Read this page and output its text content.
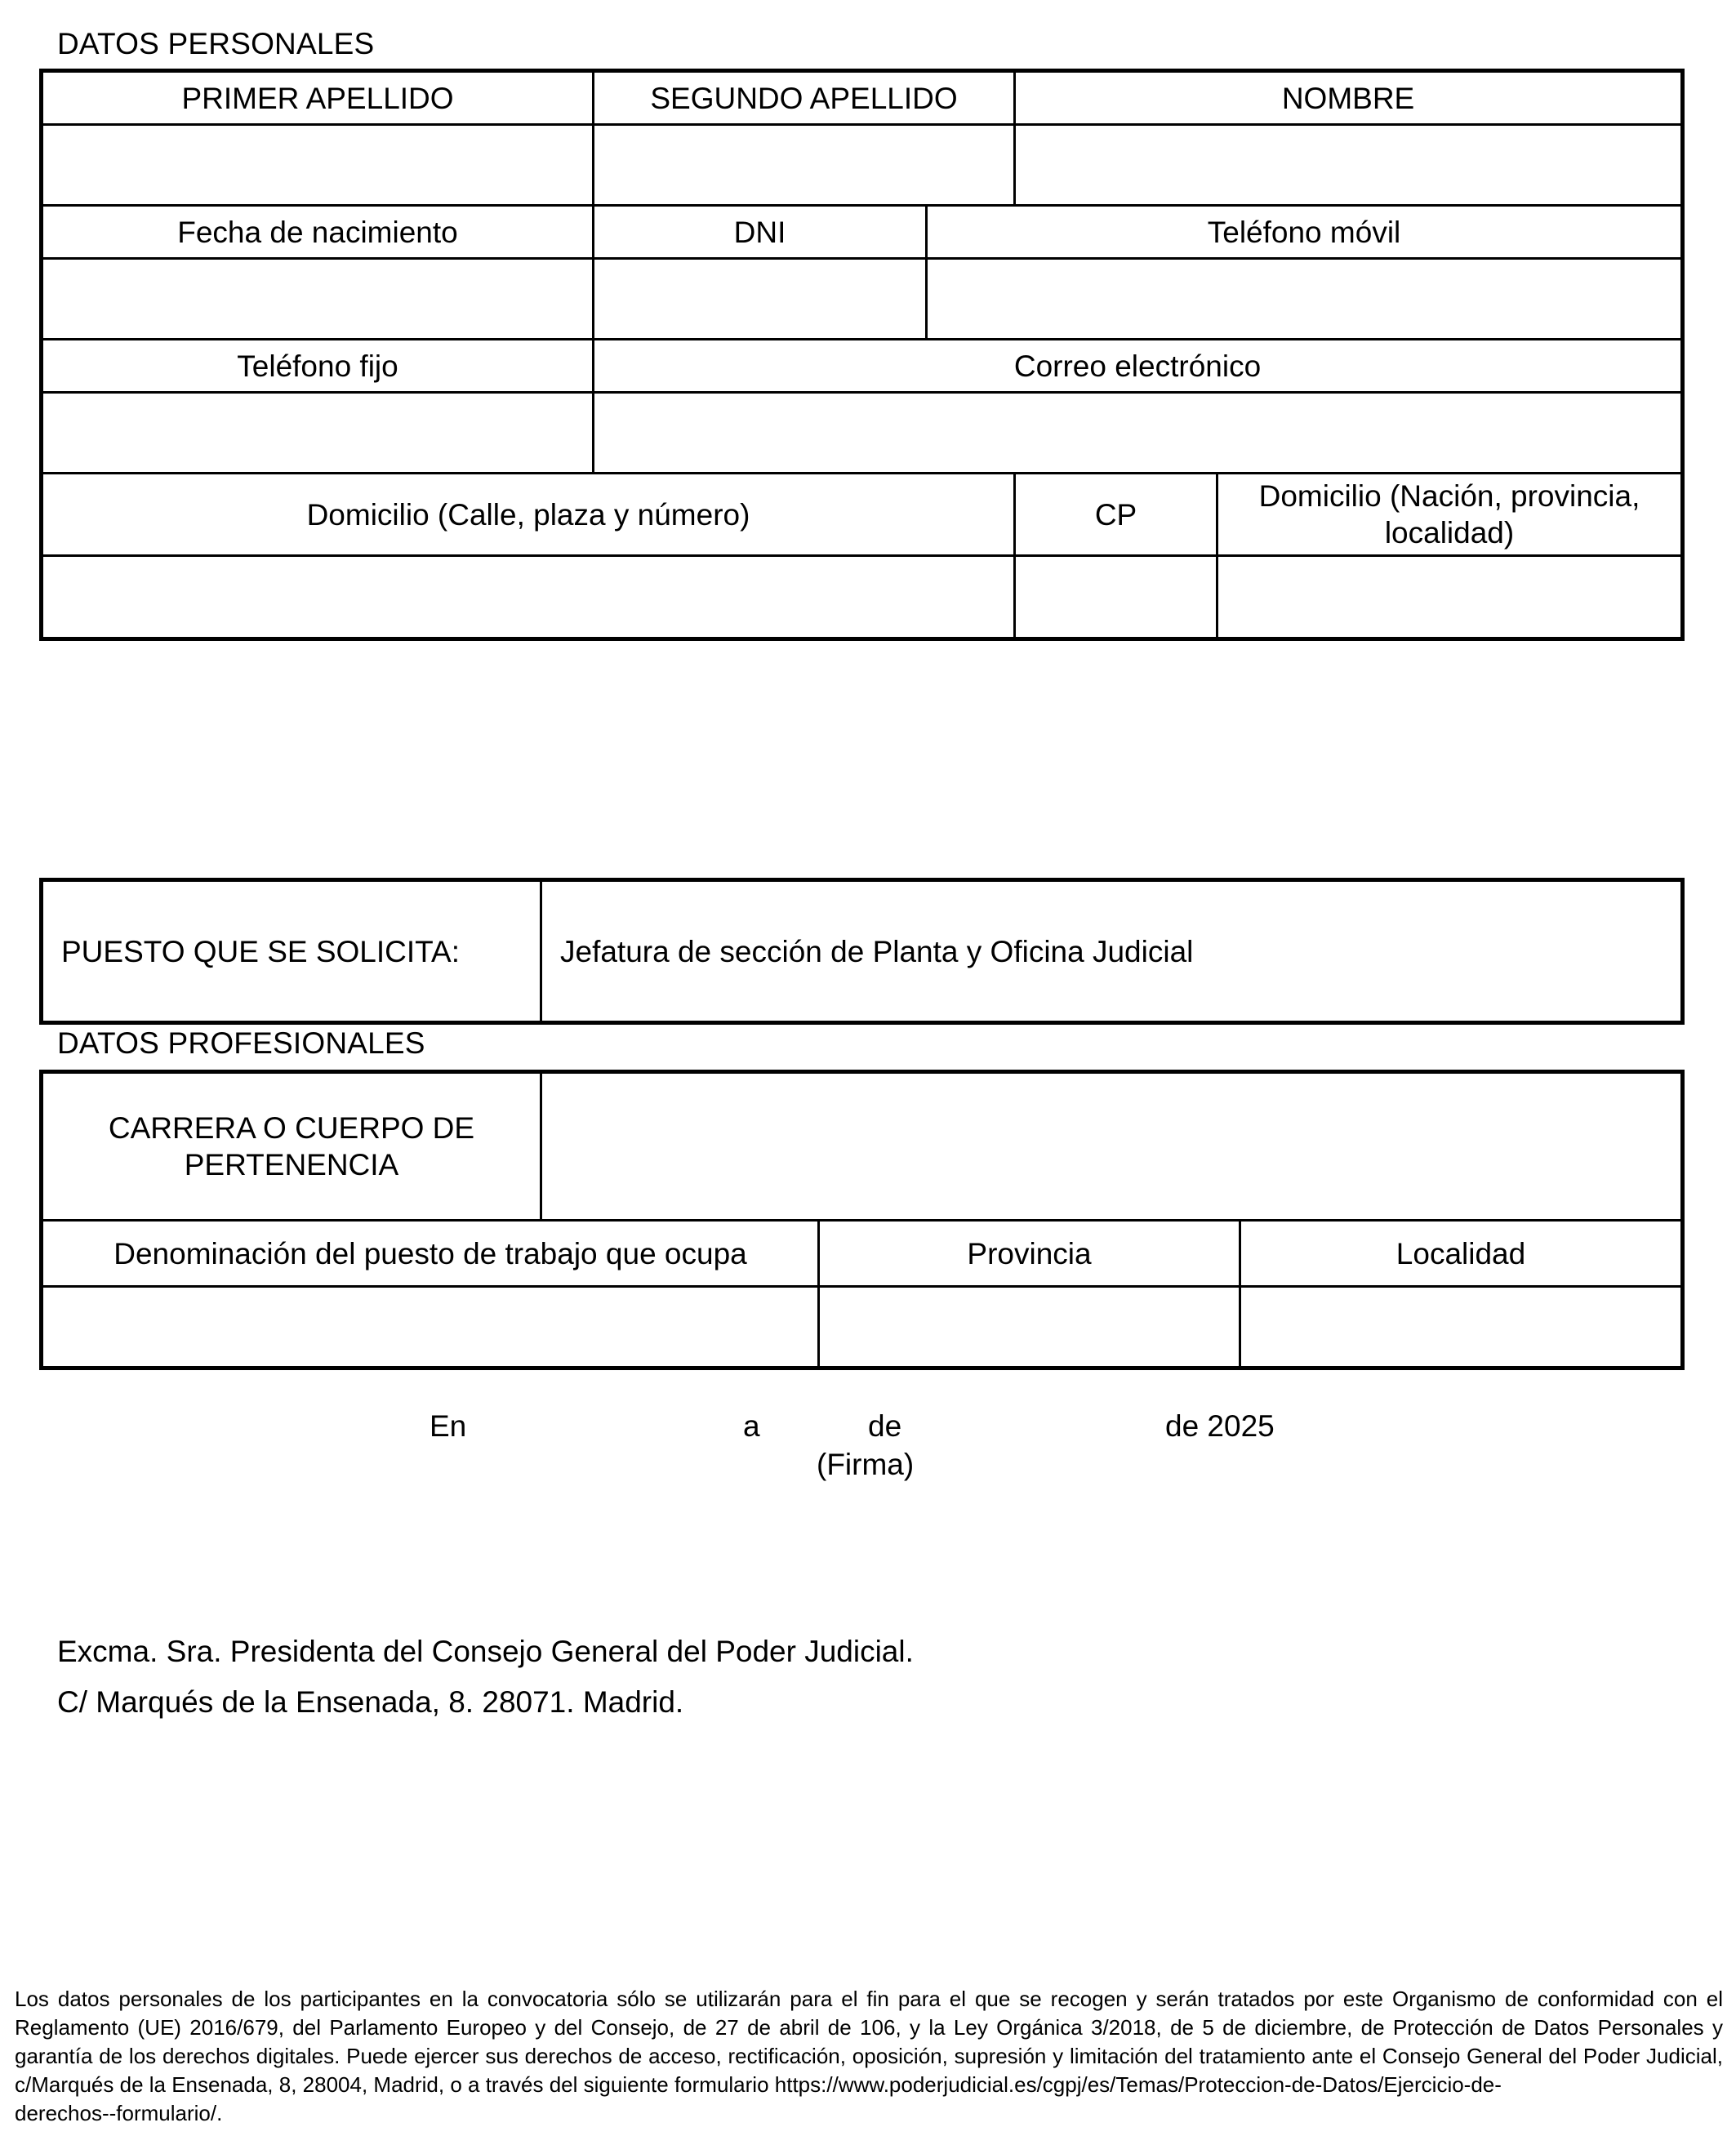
DATOS PERSONALES
PRIMER APELLIDO	SEGUNDO APELLIDO		NOMBRE	

Fecha de nacimiento	DNI	Teléfono móvil		

Teléfono fijo	Correo electrónico			

Domicilio (Calle, plaza y número)			CP	Domicilio (Nación, provincia, localidad)

PUESTO QUE SE SOLICITA:	Jefatura de sección de Planta y Oficina Judicial
DATOS PROFESIONALES
CARRERA O CUERPO DE PERTENENCIA			
Denominación del puesto de trabajo que ocupa		Provincia	Localidad

En	a	de	de 2025
(Firma)
Excma. Sra. Presidenta del Consejo General del Poder Judicial.
C/ Marqués de la Ensenada, 8. 28071. Madrid.
Los datos personales de los participantes en la convocatoria sólo se utilizarán para el fin para el que se recogen y serán tratados por este Organismo de conformidad con el Reglamento (UE) 2016/679, del Parlamento Europeo y del Consejo, de 27 de abril de 106, y la Ley Orgánica 3/2018, de 5 de diciembre, de Protección de Datos Personales y garantía de los derechos digitales. Puede ejercer sus derechos de acceso, rectificación, oposición, supresión y limitación del tratamiento ante el Consejo General del Poder Judicial, c/Marqués de la Ensenada, 8, 28004, Madrid, o a través del siguiente formulario https://www.poderjudicial.es/cgpj/es/Temas/Proteccion-de-Datos/Ejercicio-de-
derechos--formulario/.
